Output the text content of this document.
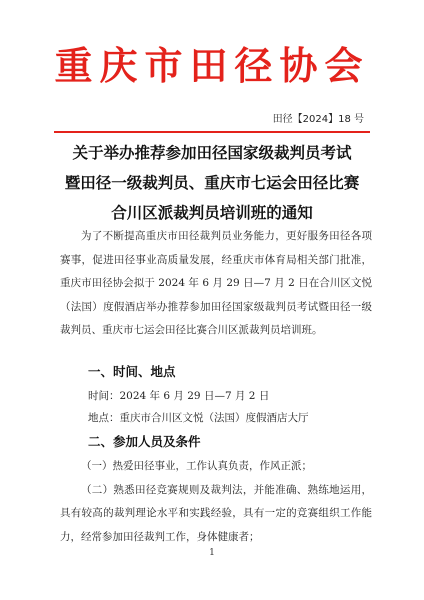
重庆市田径协会
田径【2024】18 号
关于举办推荐参加田径国家级裁判员考试
暨田径一级裁判员、重庆市七运会田径比赛
合川区派裁判员培训班的通知

为了不断提高重庆市田径裁判员业务能力，更好服务田径各项赛事，促进田径事业高质量发展，经重庆市体育局相关部门批准，重庆市田径协会拟于 2024 年 6 月 29 日—7 月 2 日在合川区文悦（法国）度假酒店举办推荐参加田径国家级裁判员考试暨田径一级裁判员、重庆市七运会田径比赛合川区派裁判员培训班。

一、时间、地点
时间：2024 年 6 月 29 日—7 月 2 日
地点：重庆市合川区文悦（法国）度假酒店大厅
二、参加人员及条件

（一）热爱田径事业，工作认真负责，作风正派；

（二）熟悉田径竞赛规则及裁判法，并能准确、熟练地运用，具有较高的裁判理论水平和实践经验，具有一定的竞赛组织工作能力，经常参加田径裁判工作，身体健康者；

1
